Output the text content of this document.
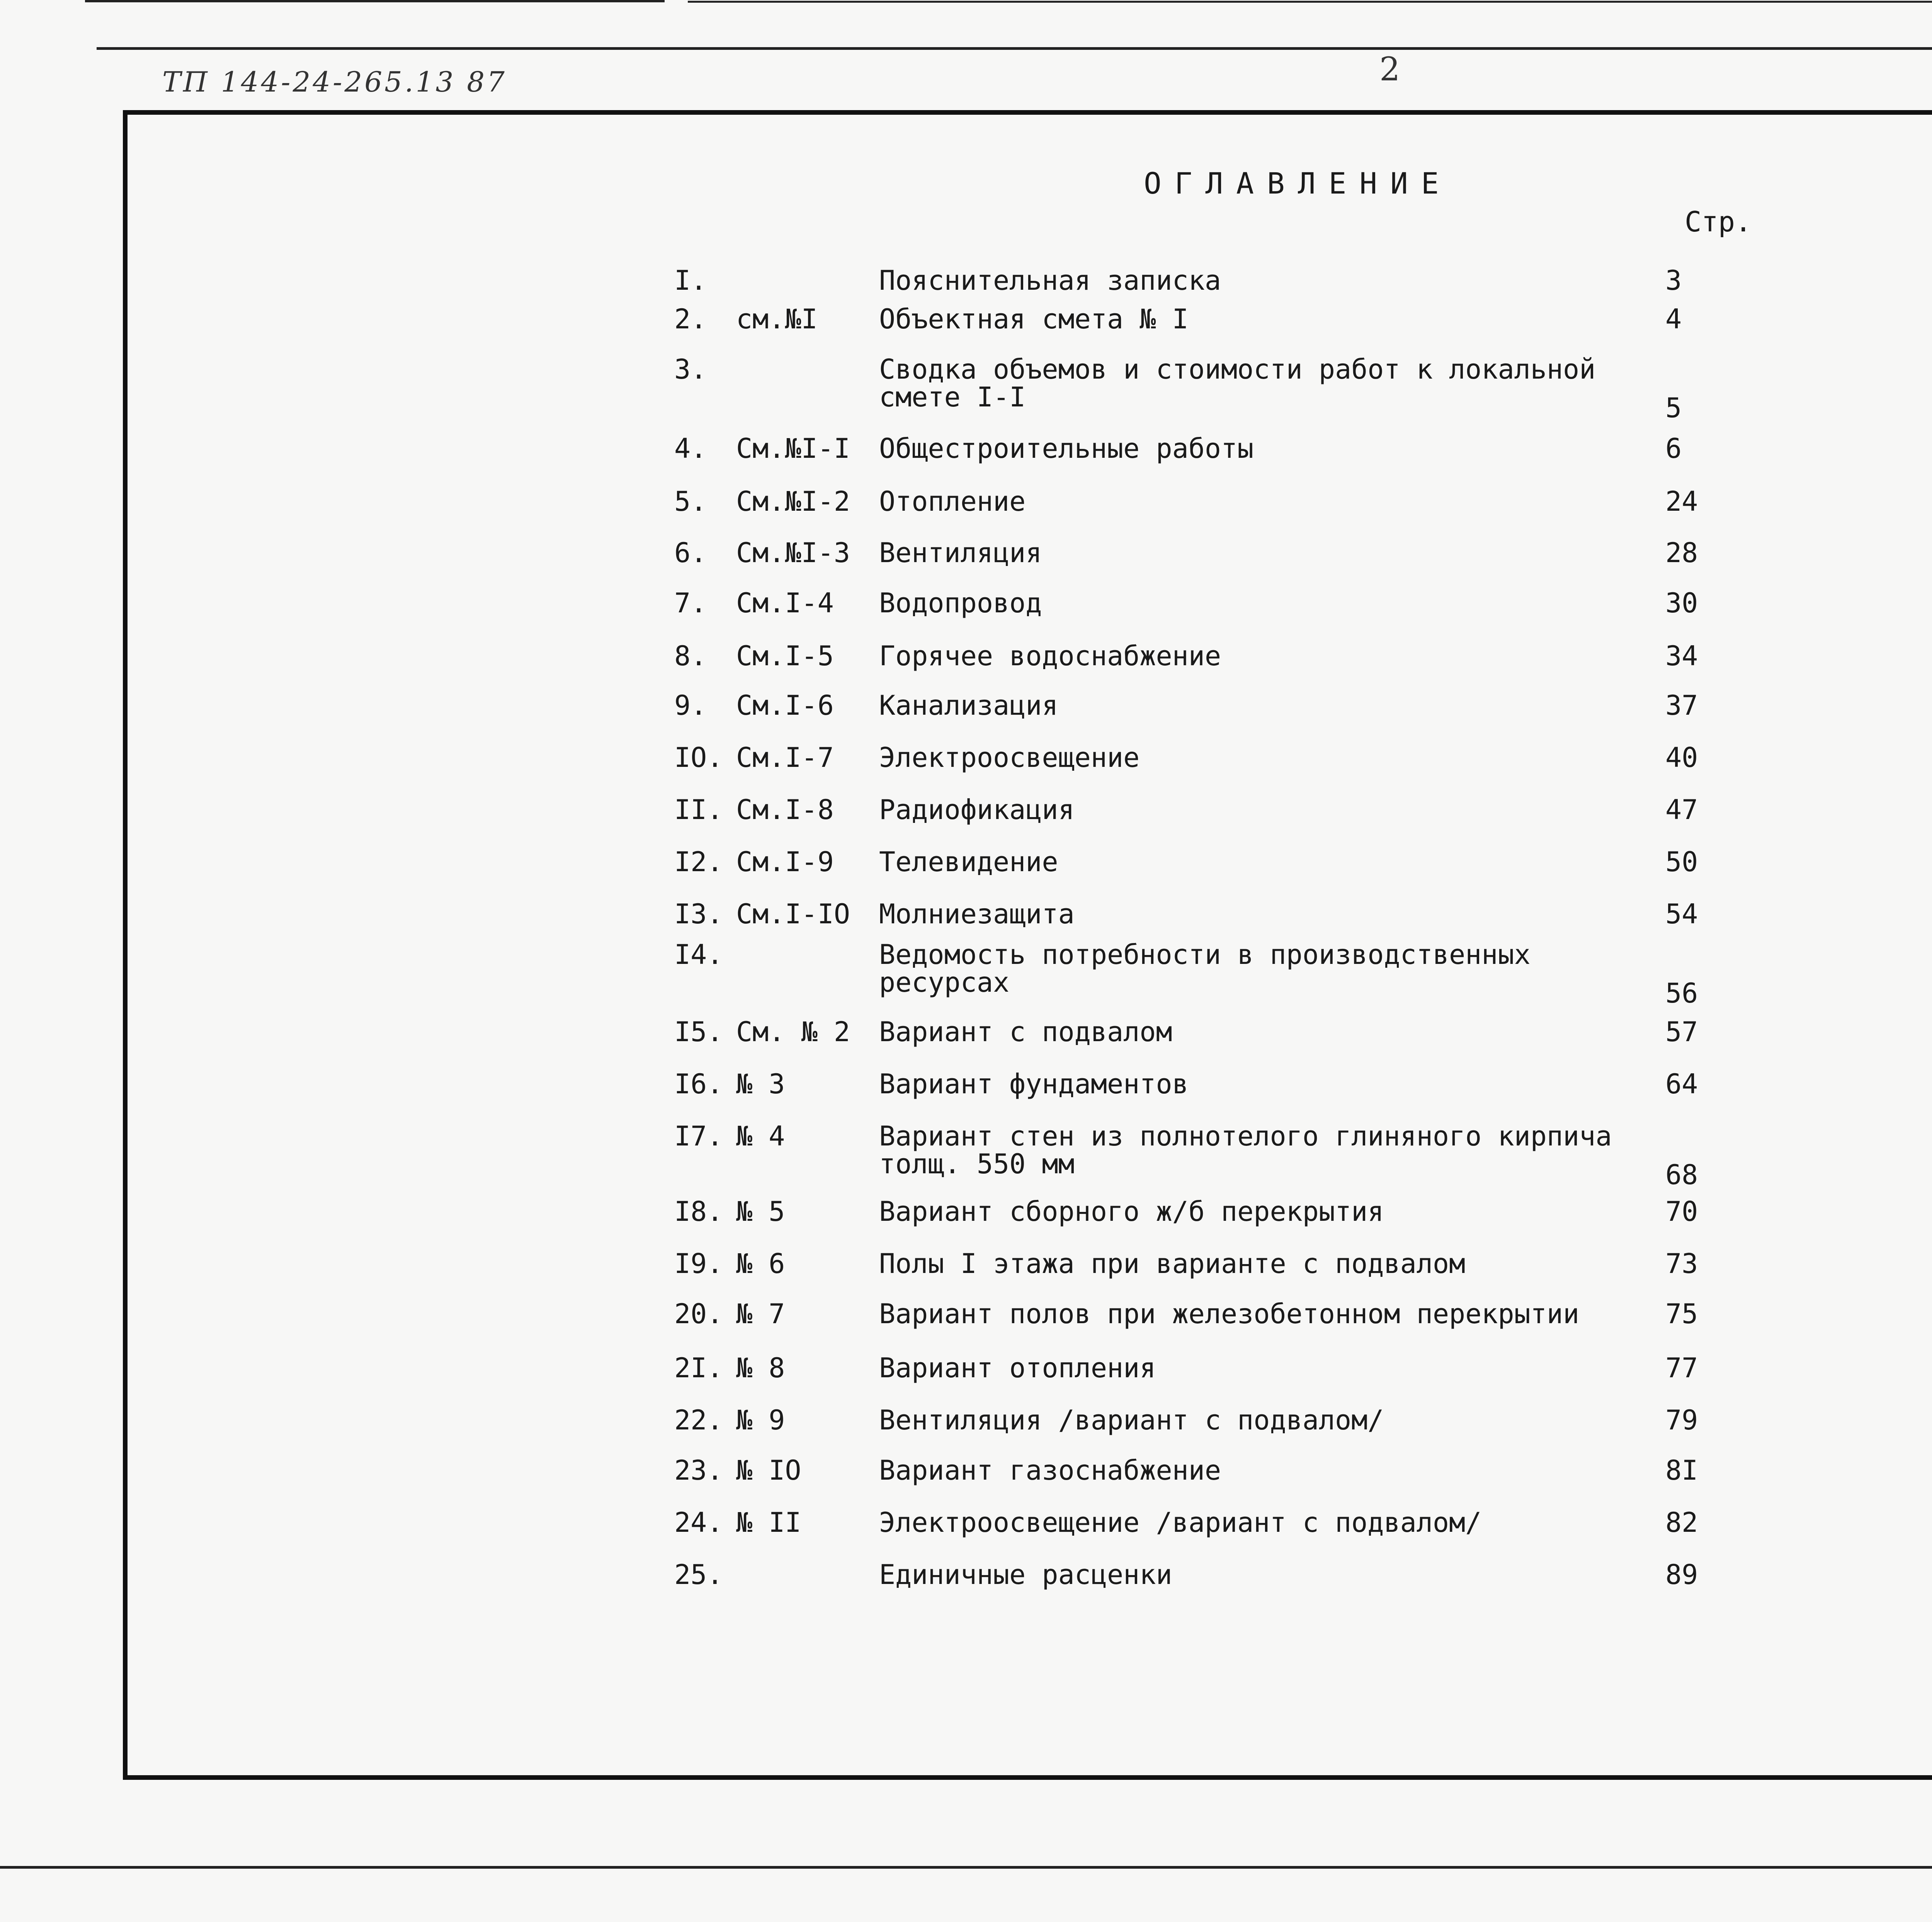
ТП 144-24-265.13 87	2
ОГЛАВЛЕНИЕ
Стр.
I.	Пояснительная записка	3
2. см.№I Объектная смета № I	4
3.	Сводка объемов и стоимости работ к локальной
смете I-I	5
4. См.№I-I Общестроительные работы	6
5. См.№I-2 Отопление	24
6. См.№I-3 Вентиляция	28
7. См.I-4 Водопровод	30
8. См.I-5 Горячее водоснабжение	34
9. См.I-6 Канализация	37
IO. См.I-7 Электроосвещение	40
II. См.I-8 Радиофикация	47
I2. См.I-9 Телевидение	50
I3. См.I-IO Молниезащита	54
I4.	Ведомость потребности в производственных
ресурсах	56
I5. См. № 2 Вариант с подвалом	57
I6. № 3	Вариант фундаментов	64
I7. № 4	Вариант стен из полнотелого глиняного кирпича
толщ. 550 мм	68
I8. № 5	Вариант сборного ж/б перекрытия	70
I9. № 6	Полы I этажа при варианте с подвалом	73
20. № 7	Вариант полов при железобетонном перекрытии	75
2I. № 8	Вариант отопления	77
22. № 9	Вентиляция /вариант с подвалом/	79
23. № IO	Вариант газоснабжение	8I
24. № II	Электроосвещение /вариант с подвалом/	82
25.	Единичные расценки	89
